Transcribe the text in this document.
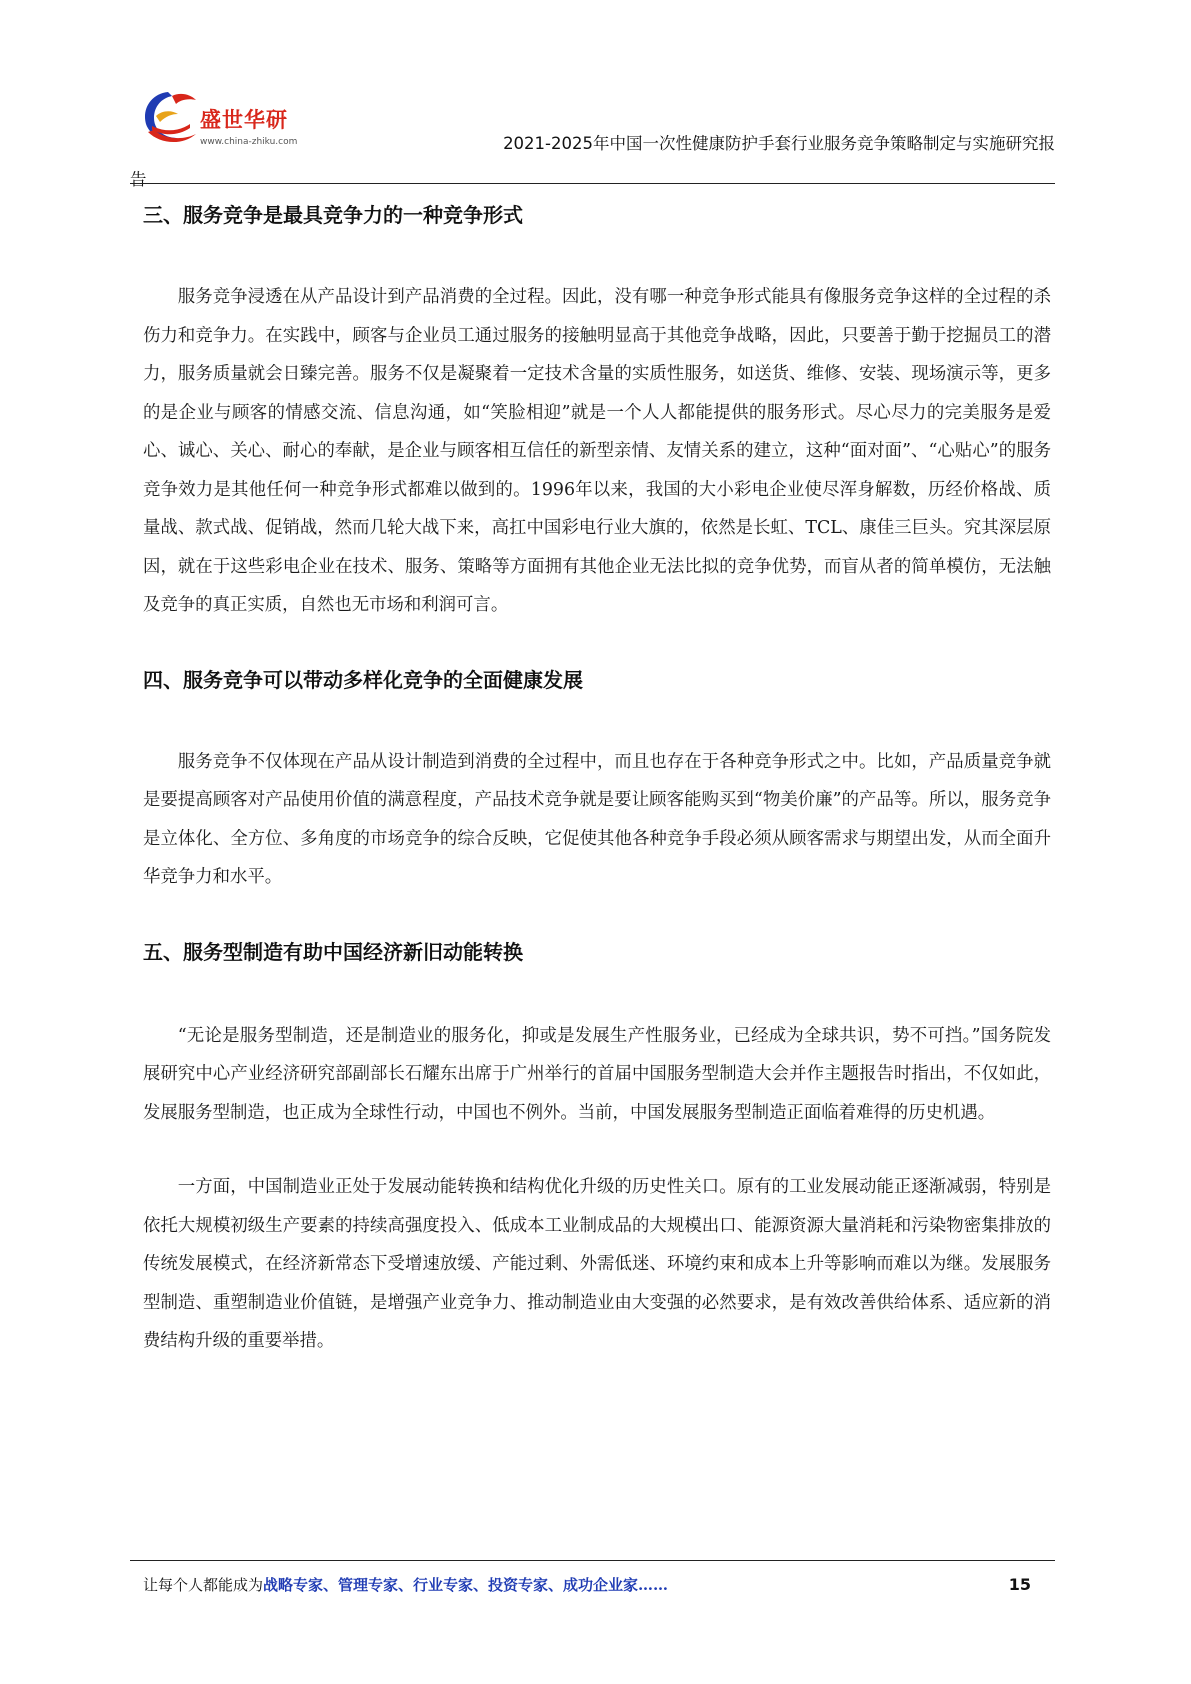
盛世华研
www.china-zhiku.com	2021-2025年中国一次性健康防护手套行业服务竞争策略制定与实施研究报
告
三、服务竞争是最具竞争力的一种竞争形式

服务竞争浸透在从产品设计到产品消费的全过程。因此，没有哪一种竞争形式能具有像服务竞争这样的全过程的杀伤力和竞争力。在实践中，顾客与企业员工通过服务的接触明显高于其他竞争战略，因此，只要善于勤于挖掘员工的潜力，服务质量就会日臻完善。服务不仅是凝聚着一定技术含量的实质性服务，如送货、维修、安装、现场演示等，更多的是企业与顾客的情感交流、信息沟通，如“笑脸相迎”就是一个人人都能提供的服务形式。尽心尽力的完美服务是爱心、诚心、关心、耐心的奉献，是企业与顾客相互信任的新型亲情、友情关系的建立，这种“面对面”、“心贴心”的服务竞争效力是其他任何一种竞争形式都难以做到的。1996年以来，我国的大小彩电企业使尽浑身解数，历经价格战、质量战、款式战、促销战，然而几轮大战下来，高扛中国彩电行业大旗的，依然是长虹、TCL、康佳三巨头。究其深层原因，就在于这些彩电企业在技术、服务、策略等方面拥有其他企业无法比拟的竞争优势，而盲从者的简单模仿，无法触及竞争的真正实质，自然也无市场和利润可言。

四、服务竞争可以带动多样化竞争的全面健康发展

服务竞争不仅体现在产品从设计制造到消费的全过程中，而且也存在于各种竞争形式之中。比如，产品质量竞争就是要提高顾客对产品使用价值的满意程度，产品技术竞争就是要让顾客能购买到“物美价廉”的产品等。所以，服务竞争是立体化、全方位、多角度的市场竞争的综合反映，它促使其他各种竞争手段必须从顾客需求与期望出发，从而全面升华竞争力和水平。

五、服务型制造有助中国经济新旧动能转换

“无论是服务型制造，还是制造业的服务化，抑或是发展生产性服务业，已经成为全球共识，势不可挡。”国务院发展研究中心产业经济研究部副部长石耀东出席于广州举行的首届中国服务型制造大会并作主题报告时指出，不仅如此，发展服务型制造，也正成为全球性行动，中国也不例外。当前，中国发展服务型制造正面临着难得的历史机遇。

一方面，中国制造业正处于发展动能转换和结构优化升级的历史性关口。原有的工业发展动能正逐渐减弱，特别是依托大规模初级生产要素的持续高强度投入、低成本工业制成品的大规模出口、能源资源大量消耗和污染物密集排放的传统发展模式，在经济新常态下受增速放缓、产能过剩、外需低迷、环境约束和成本上升等影响而难以为继。发展服务型制造、重塑制造业价值链，是增强产业竞争力、推动制造业由大变强的必然要求，是有效改善供给体系、适应新的消费结构升级的重要举措。

让每个人都能成为战略专家、管理专家、行业专家、投资专家、成功企业家……	15
